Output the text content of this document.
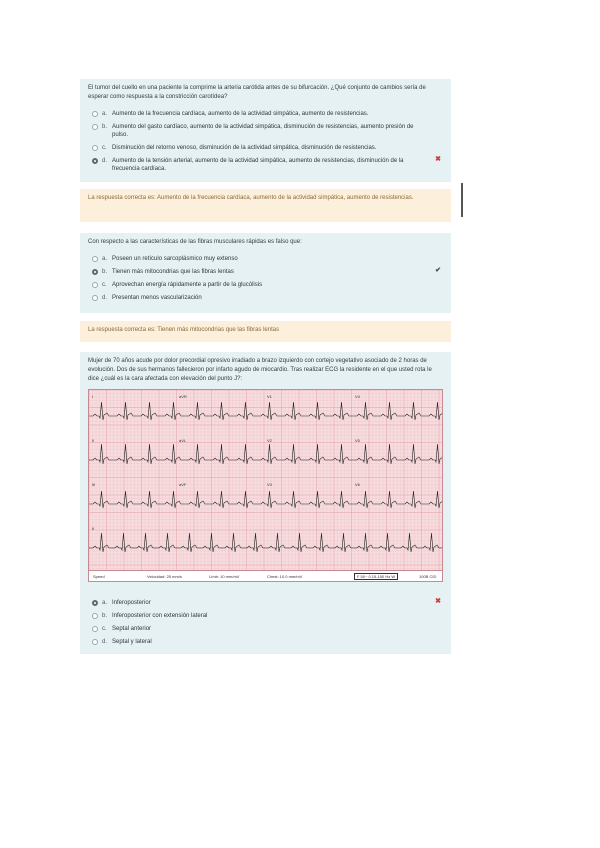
El tumor del cuello en una paciente la comprime la arteria carótida antes de su bifurcación. ¿Qué conjunto de cambios sería de esperar como respuesta a la constricción carotídea?
a. Aumento de la frecuencia cardíaca, aumento de la actividad simpática, aumento de resistencias.
b. Aumento del gasto cardíaco, aumento de la actividad simpática, disminución de resistencias, aumento presión de pulso.
c. Disminución del retorno venoso, disminución de la actividad simpática, disminución de resistencias.
d. Aumento de la tensión arterial, aumento de la actividad simpática, aumento de resistencias, disminución de la frecuencia cardíaca.
✖
La respuesta correcta es: Aumento de la frecuencia cardíaca, aumento de la actividad simpática, aumento de resistencias.
Con respecto a las características de las fibras musculares rápidas es falso que:
a. Poseen un retículo sarcoplásmico muy extenso
b. Tienen más mitocondrias que las fibras lentas	✔
c. Aprovechan energía rápidamente a partir de la glucólisis
d. Presentan menos vascularización
La respuesta correcta es: Tienen más mitocondrias que las fibras lentas
Mujer de 70 años acude por dolor precordial opresivo irradiado a brazo izquierdo con cortejo vegetativo asociado de 2 horas de evolución. Dos de sus hermanos fallecieron por infarto agudo de miocardio. Tras realizar ECG la residente en el que usted rota le dice ¿cuál es la cara afectada con elevación del punto J?:
I	aVR	V1	V4
II	aVL	V2	V5
III	aVF	V3	V6
II
Speed	Velocidad: 25 mm/s	Límb: 10 mm/mV	Chest: 10.0 mm/mV	F 50~ 0.15-150 Hz W	100B CID
a. Inferoposterior	✖
b. Inferoposterior con extensión lateral
c. Septal anterior
d. Septal y lateral
